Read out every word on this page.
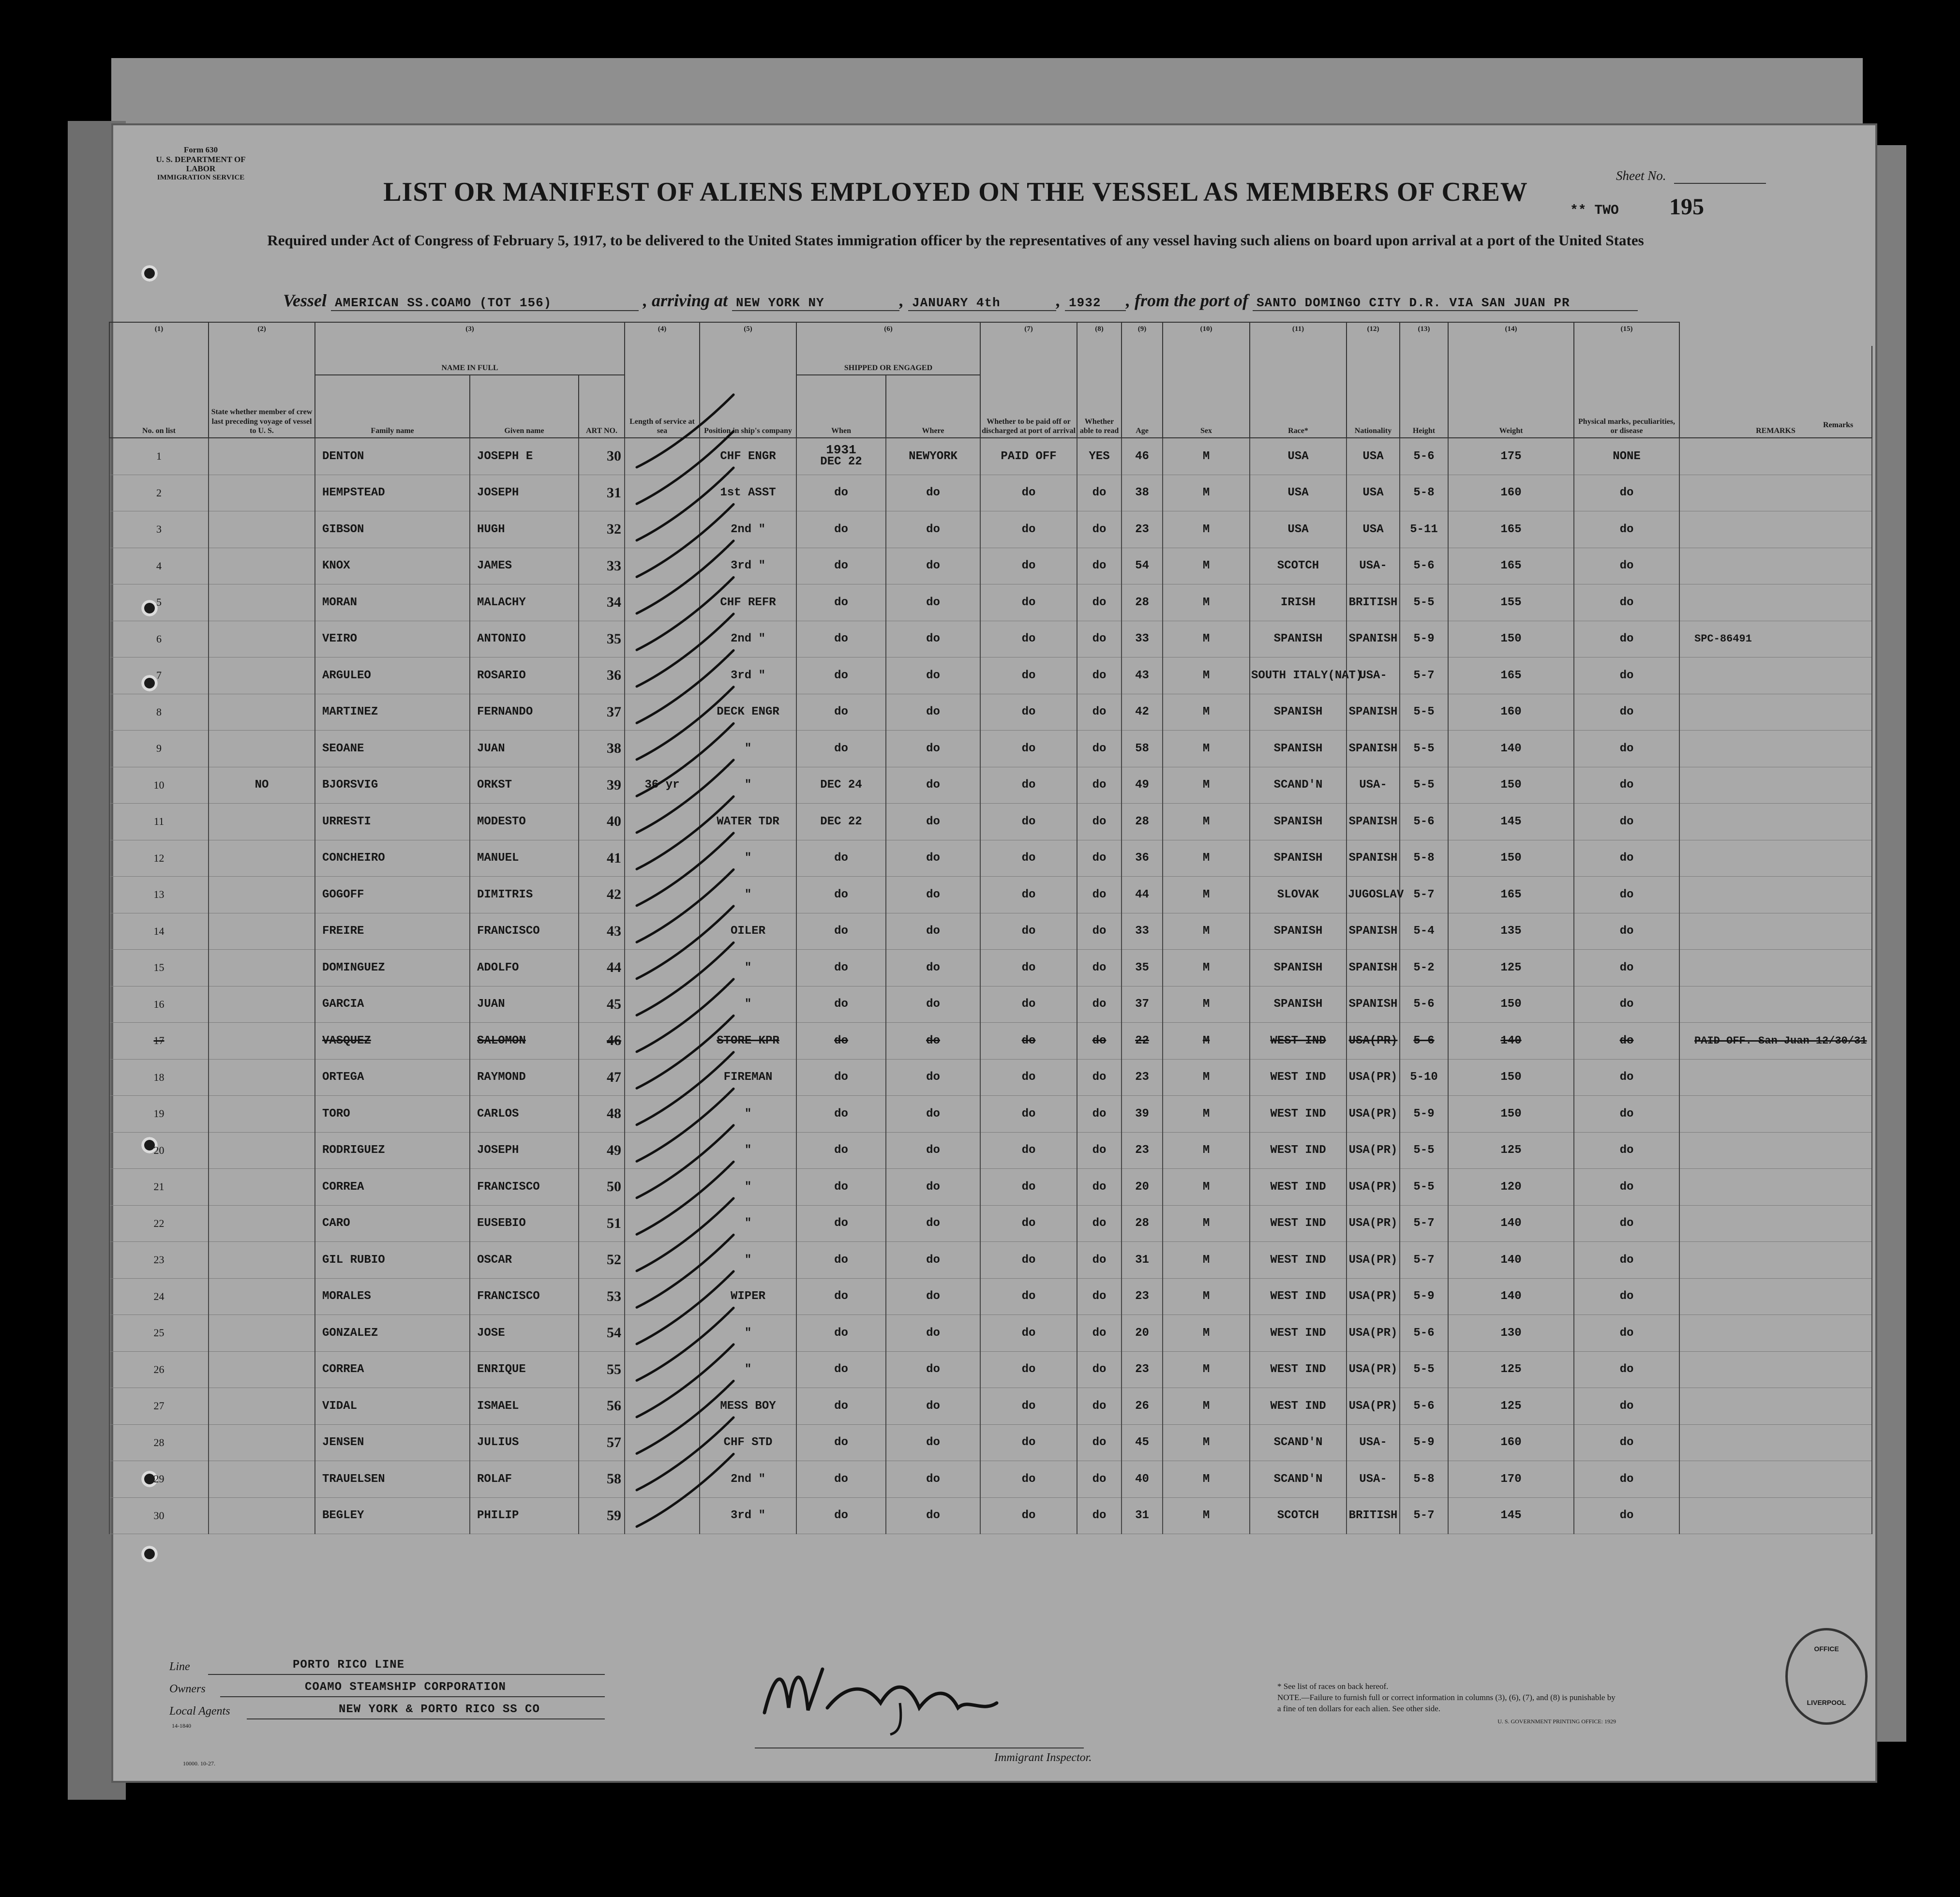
Remarks
Form 630
U. S. DEPARTMENT OF LABOR
IMMIGRATION SERVICE	Sheet No.
** TWO 195
LIST OR MANIFEST OF ALIENS EMPLOYED ON THE VESSEL AS MEMBERS OF CREW
Required under Act of Congress of February 5, 1917, to be delivered to the United States immigration officer by the representatives of any vessel having such aliens on board upon arrival at a port of the United States
Vessel AMERICAN SS.COAMO (TOT 156)	, arriving at NEW YORK NY	, JANUARY 4th	, 1932 , from the port of SANTO DOMINGO CITY D.R. VIA SAN JUAN PR
(1)	(2)	(3)			(4)	(5)	(6)		(7)	(8)	(9)	(10)	(11)	(12)	(13)	(14)	(15)	
No. on list	State whether member of crew last preceding voyage of vessel to U. S.	NAME IN FULL			Length of service at sea	Position in ship's company	SHIPPED OR ENGAGED		Whether to be paid off or discharged at port of arrival	Whether able to read	Age	Sex	Race*	Nationality	Height	Weight	Physical marks, peculiarities, or disease	REMARKS
		Family name	Given name	ART NO.			When	Where										
1		DENTON	JOSEPH E	30		CHF ENGR	1931
DEC 22	NEWYORK	PAID OFF	YES	46	M	USA	USA	5-6	175	NONE	
2		HEMPSTEAD	JOSEPH	31		1st ASST	do	do	do	do	38	M	USA	USA	5-8	160	do	
3		GIBSON	HUGH	32		2nd "	do	do	do	do	23	M	USA	USA	5-11	165	do	
4		KNOX	JAMES	33		3rd "	do	do	do	do	54	M	SCOTCH	USA-	5-6	165	do	
5		MORAN	MALACHY	34		CHF REFR	do	do	do	do	28	M	IRISH	BRITISH	5-5	155	do	
6		VEIRO	ANTONIO	35		2nd "	do	do	do	do	33	M	SPANISH	SPANISH	5-9	150	do	SPC-86491
7		ARGULEO	ROSARIO	36		3rd "	do	do	do	do	43	M	SOUTH ITALY(NAT)	USA-	5-7	165	do	
8		MARTINEZ	FERNANDO	37		DECK ENGR	do	do	do	do	42	M	SPANISH	SPANISH	5-5	160	do	
9		SEOANE	JUAN	38		"	do	do	do	do	58	M	SPANISH	SPANISH	5-5	140	do	
10	NO	BJORSVIG	ORKST	39	36 yr	"	DEC 24	do	do	do	49	M	SCAND'N	USA-	5-5	150	do	
11		URRESTI	MODESTO	40		WATER TDR	DEC 22	do	do	do	28	M	SPANISH	SPANISH	5-6	145	do	
12		CONCHEIRO	MANUEL	41		"	do	do	do	do	36	M	SPANISH	SPANISH	5-8	150	do	
13		GOGOFF	DIMITRIS	42		"	do	do	do	do	44	M	SLOVAK	JUGOSLAV	5-7	165	do	
14		FREIRE	FRANCISCO	43		OILER	do	do	do	do	33	M	SPANISH	SPANISH	5-4	135	do	
15		DOMINGUEZ	ADOLFO	44		"	do	do	do	do	35	M	SPANISH	SPANISH	5-2	125	do	
16		GARCIA	JUAN	45		"	do	do	do	do	37	M	SPANISH	SPANISH	5-6	150	do	
17		VASQUEZ	SALOMON	46		STORE KPR	do	do	do	do	22	M	WEST IND	USA(PR)	5-6	140	do	PAID OFF. San Juan 12/30/31
18		ORTEGA	RAYMOND	47		FIREMAN	do	do	do	do	23	M	WEST IND	USA(PR)	5-10	150	do	
19		TORO	CARLOS	48		"	do	do	do	do	39	M	WEST IND	USA(PR)	5-9	150	do	
20		RODRIGUEZ	JOSEPH	49		"	do	do	do	do	23	M	WEST IND	USA(PR)	5-5	125	do	
21		CORREA	FRANCISCO	50		"	do	do	do	do	20	M	WEST IND	USA(PR)	5-5	120	do	
22		CARO	EUSEBIO	51		"	do	do	do	do	28	M	WEST IND	USA(PR)	5-7	140	do	
23		GIL RUBIO	OSCAR	52		"	do	do	do	do	31	M	WEST IND	USA(PR)	5-7	140	do	
24		MORALES	FRANCISCO	53		WIPER	do	do	do	do	23	M	WEST IND	USA(PR)	5-9	140	do	
25		GONZALEZ	JOSE	54		"	do	do	do	do	20	M	WEST IND	USA(PR)	5-6	130	do	
26		CORREA	ENRIQUE	55		"	do	do	do	do	23	M	WEST IND	USA(PR)	5-5	125	do	
27		VIDAL	ISMAEL	56		MESS BOY	do	do	do	do	26	M	WEST IND	USA(PR)	5-6	125	do	
28		JENSEN	JULIUS	57		CHF STD	do	do	do	do	45	M	SCAND'N	USA-	5-9	160	do	
29		TRAUELSEN	ROLAF	58		2nd "	do	do	do	do	40	M	SCAND'N	USA-	5-8	170	do	
30		BEGLEY	PHILIP	59		3rd "	do	do	do	do	31	M	SCOTCH	BRITISH	5-7	145	do	
Line	PORTO RICO LINE
Owners	COAMO STEAMSHIP CORPORATION
Local Agents	NEW YORK & PORTO RICO SS CO
14-1840
10000. 10-27.	Immigrant Inspector.
* See list of races on back hereof.
NOTE.—Failure to furnish full or correct information in columns (3), (6), (7), and (8) is punishable by a fine of ten dollars for each alien. See other side.
U. S. GOVERNMENT PRINTING OFFICE: 1929
OFFICE
LIVERPOOL
